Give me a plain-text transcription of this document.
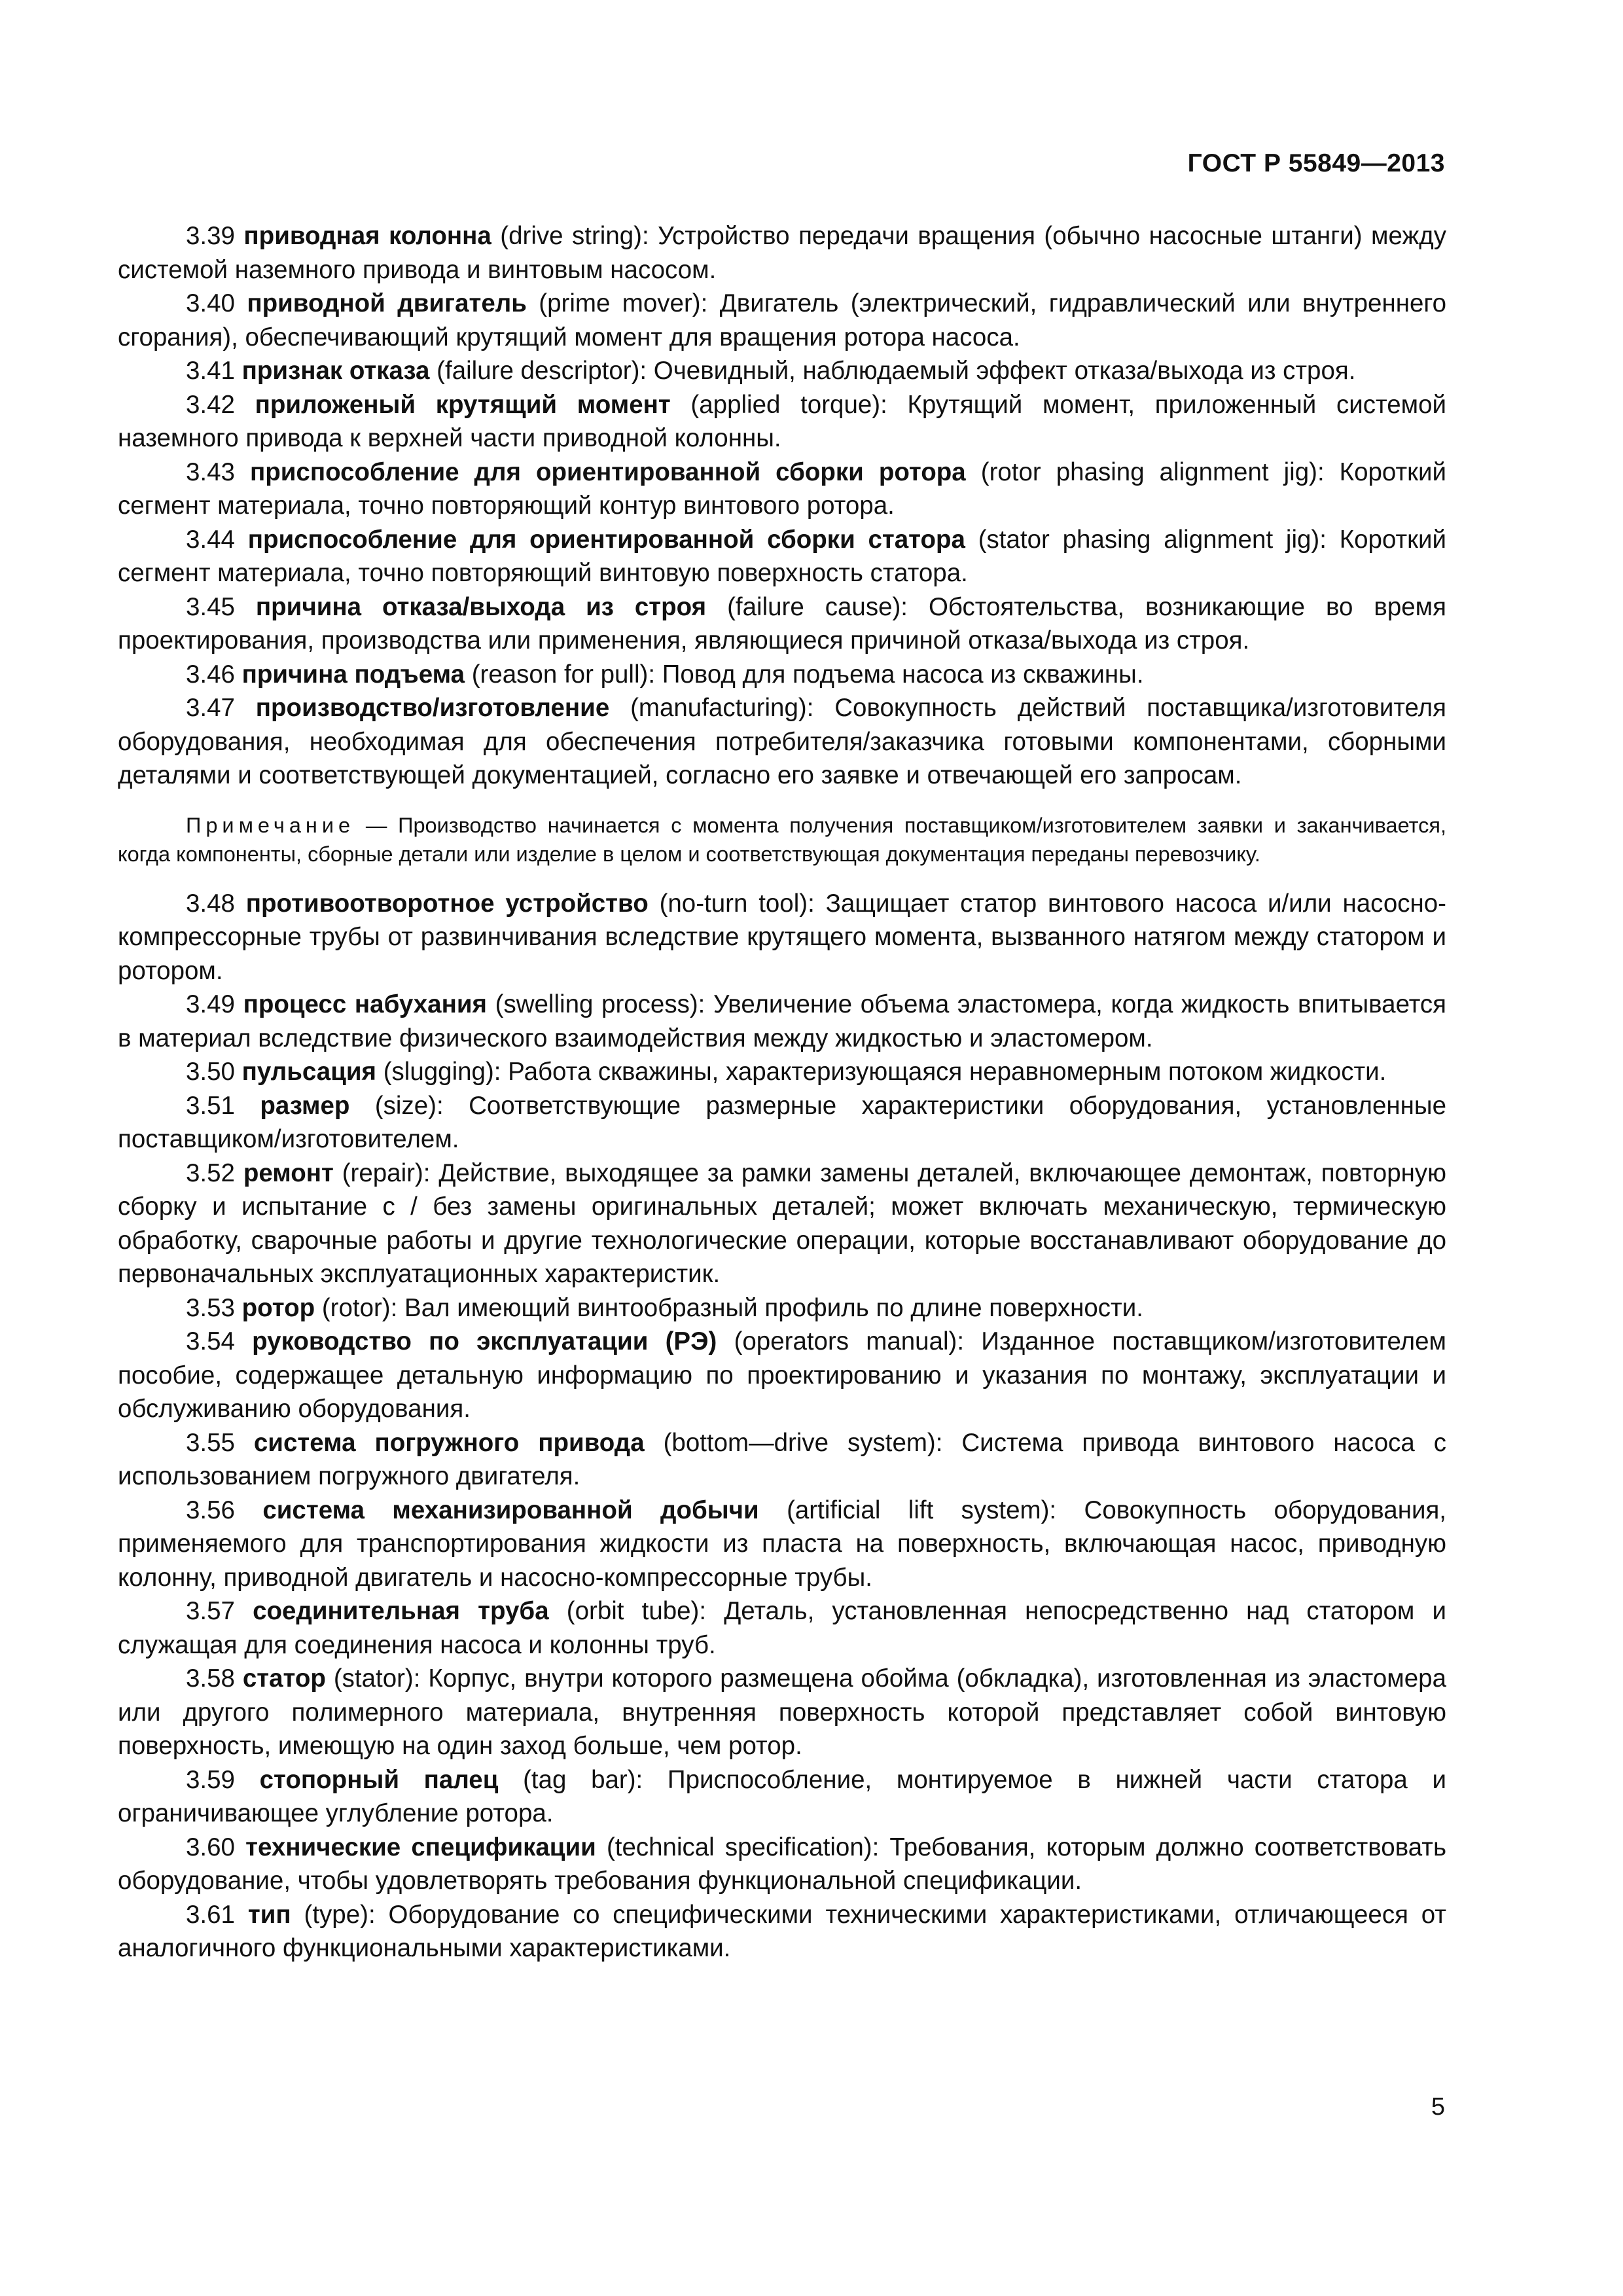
ГОСТ Р 55849—2013

3.39 приводная колонна (drive string): Устройство передачи вращения (обычно насосные штанги) между системой наземного привода и винтовым насосом.

3.40 приводной двигатель (prime mover): Двигатель (электрический, гидравлический или внутреннего сгорания), обеспечивающий крутящий момент для вращения ротора насоса.

3.41 признак отказа (failure descriptor): Очевидный, наблюдаемый эффект отказа/выхода из строя.

3.42 приложеный крутящий момент (applied torque): Крутящий момент, приложенный системой наземного привода к верхней части приводной колонны.

3.43 приспособление для ориентированной сборки ротора (rotor phasing alignment jig): Короткий сегмент материала, точно повторяющий контур винтового ротора.

3.44 приспособление для ориентированной сборки статора (stator phasing alignment jig): Короткий сегмент материала, точно повторяющий винтовую поверхность статора.

3.45 причина отказа/выхода из строя (failure cause): Обстоятельства, возникающие во время проектирования, производства или применения, являющиеся причиной отказа/выхода из строя.

3.46 причина подъема (reason for pull): Повод для подъема насоса из скважины.

3.47 производство/изготовление (manufacturing): Совокупность действий поставщика/изготовителя оборудования, необходимая для обеспечения потребителя/заказчика готовыми компонентами, сборными деталями и соответствующей документацией, согласно его заявке и отвечающей его запросам.

Примечание — Производство начинается с момента получения поставщиком/изготовителем заявки и заканчивается, когда компоненты, сборные детали или изделие в целом и соответствующая документация переданы перевозчику.

3.48 противоотворотное устройство (no-turn tool): Защищает статор винтового насоса и/или насосно-компрессорные трубы от развинчивания вследствие крутящего момента, вызванного натягом между статором и ротором.

3.49 процесс набухания (swelling process): Увеличение объема эластомера, когда жидкость впитывается в материал вследствие физического взаимодействия между жидкостью и эластомером.

3.50 пульсация (slugging): Работа скважины, характеризующаяся неравномерным потоком жидкости.

3.51 размер (size): Соответствующие размерные характеристики оборудования, установленные поставщиком/изготовителем.

3.52 ремонт (repair): Действие, выходящее за рамки замены деталей, включающее демонтаж, повторную сборку и испытание с / без замены оригинальных деталей; может включать механическую, термическую обработку, сварочные работы и другие технологические операции, которые восстанавливают оборудование до первоначальных эксплуатационных характеристик.

3.53 ротор (rotor): Вал имеющий винтообразный профиль по длине поверхности.

3.54 руководство по эксплуатации (РЭ) (operators manual): Изданное поставщиком/изготовителем пособие, содержащее детальную информацию по проектированию и указания по монтажу, эксплуатации и обслуживанию оборудования.

3.55 система погружного привода (bottom—drive system): Система привода винтового насоса с использованием погружного двигателя.

3.56 система механизированной добычи (artificial lift system): Совокупность оборудования, применяемого для транспортирования жидкости из пласта на поверхность, включающая насос, приводную колонну, приводной двигатель и насосно-компрессорные трубы.

3.57 соединительная труба (orbit tube): Деталь, установленная непосредственно над статором и служащая для соединения насоса и колонны труб.

3.58 статор (stator): Корпус, внутри которого размещена обойма (обкладка), изготовленная из эластомера или другого полимерного материала, внутренняя поверхность которой представляет собой винтовую поверхность, имеющую на один заход больше, чем ротор.

3.59 стопорный палец (tag bar): Приспособление, монтируемое в нижней части статора и ограничивающее углубление ротора.

3.60 технические спецификации (technical specification): Требования, которым должно соответствовать оборудование, чтобы удовлетворять требования функциональной спецификации.

3.61 тип (type): Оборудование со специфическими техническими характеристиками, отличающееся от аналогичного функциональными характеристиками.

5
